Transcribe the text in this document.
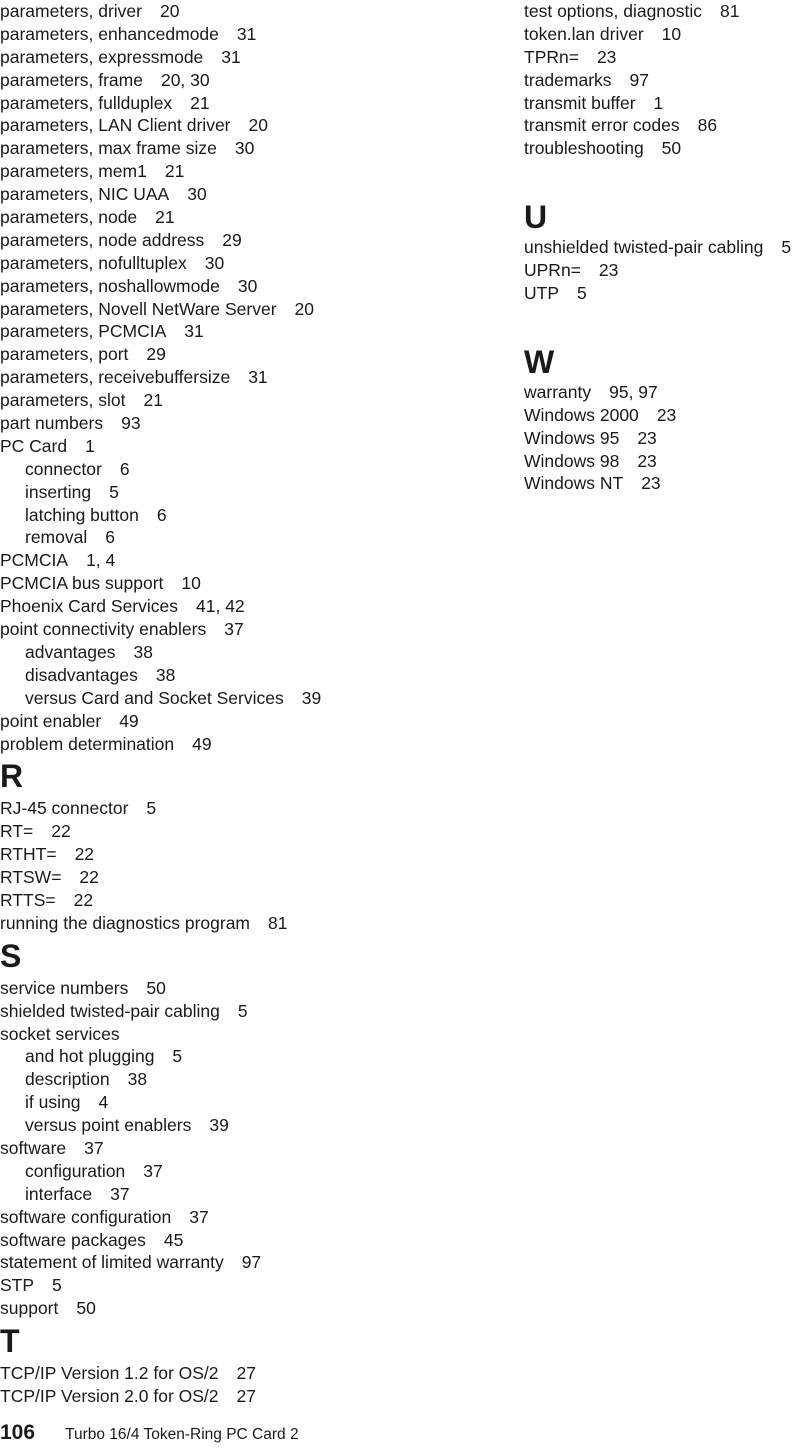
parameters, driver 20
parameters, enhancedmode 31
parameters, expressmode 31
parameters, frame 20, 30
parameters, fullduplex 21
parameters, LAN Client driver 20
parameters, max frame size 30
parameters, mem1 21
parameters, NIC UAA 30
parameters, node 21
parameters, node address 29
parameters, nofulltuplex 30
parameters, noshallowmode 30
parameters, Novell NetWare Server 20
parameters, PCMCIA 31
parameters, port 29
parameters, receivebuffersize 31
parameters, slot 21
part numbers 93
PC Card 1
connector 6
inserting 5
latching button 6
removal 6
PCMCIA 1, 4
PCMCIA bus support 10
Phoenix Card Services 41, 42
point connectivity enablers 37
advantages 38
disadvantages 38
versus Card and Socket Services 39
point enabler 49
problem determination 49
R
RJ-45 connector 5
RT= 22
RTHT= 22
RTSW= 22
RTTS= 22
running the diagnostics program 81
S
service numbers 50
shielded twisted-pair cabling 5
socket services
and hot plugging 5
description 38
if using 4
versus point enablers 39
software 37
configuration 37
interface 37
software configuration 37
software packages 45
statement of limited warranty 97
STP 5
support 50
T
TCP/IP Version 1.2 for OS/2 27
TCP/IP Version 2.0 for OS/2 27
test options, diagnostic 81
token.lan driver 10
TPRn= 23
trademarks 97
transmit buffer 1
transmit error codes 86
troubleshooting 50
U
unshielded twisted-pair cabling 5
UPRn= 23
UTP 5
W
warranty 95, 97
Windows 2000 23
Windows 95 23
Windows 98 23
Windows NT 23
106 Turbo 16/4 Token-Ring PC Card 2
